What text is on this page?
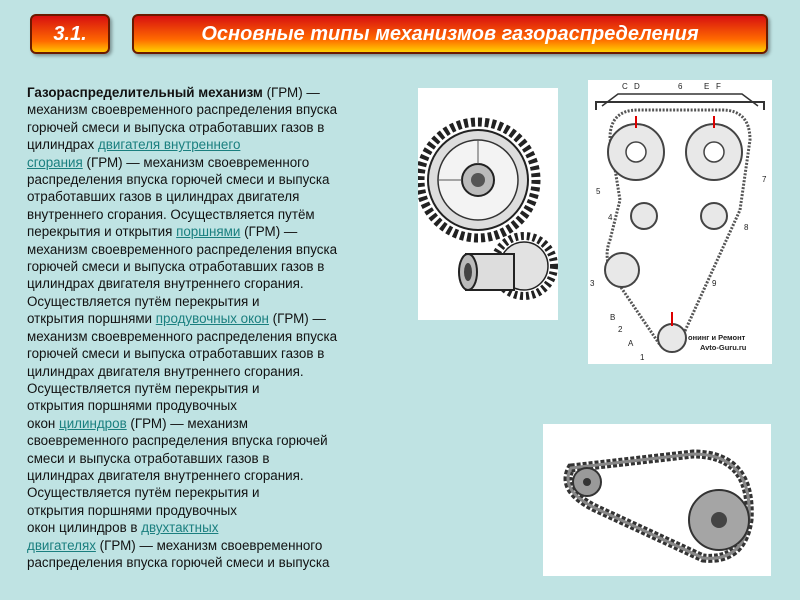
3.1.	Основные типы механизмов газораспределения

Газораспределительный механизм (ГРМ) —
механизм своевременного распределения впуска
горючей смеси и выпуска отработавших газов в
цилиндрах двигателя внутреннего
сгорания (ГРМ) — механизм своевременного
распределения впуска горючей смеси и выпуска
отработавших газов в цилиндрах двигателя
внутреннего сгорания. Осуществляется путём
перекрытия и открытия поршнями (ГРМ) —
механизм своевременного распределения впуска
горючей смеси и выпуска отработавших газов в
цилиндрах двигателя внутреннего сгорания.
Осуществляется путём перекрытия и
открытия поршнями продувочных окон (ГРМ) —
механизм своевременного распределения впуска
горючей смеси и выпуска отработавших газов в
цилиндрах двигателя внутреннего сгорания.
Осуществляется путём перекрытия и
открытия поршнями продувочных
окон цилиндров (ГРМ) — механизм
своевременного распределения впуска горючей
смеси и выпуска отработавших газов в
цилиндрах двигателя внутреннего сгорания.
Осуществляется путём перекрытия и
открытия поршнями продувочных
окон цилиндров в двухтактных
двигателях (ГРМ) — механизм своевременного
распределения впуска горючей смеси и выпуска

C D	6	E F
5
7
4
8
3	9
B
2
A
1
онинг и Ремонт
Avto-Guru.ru
